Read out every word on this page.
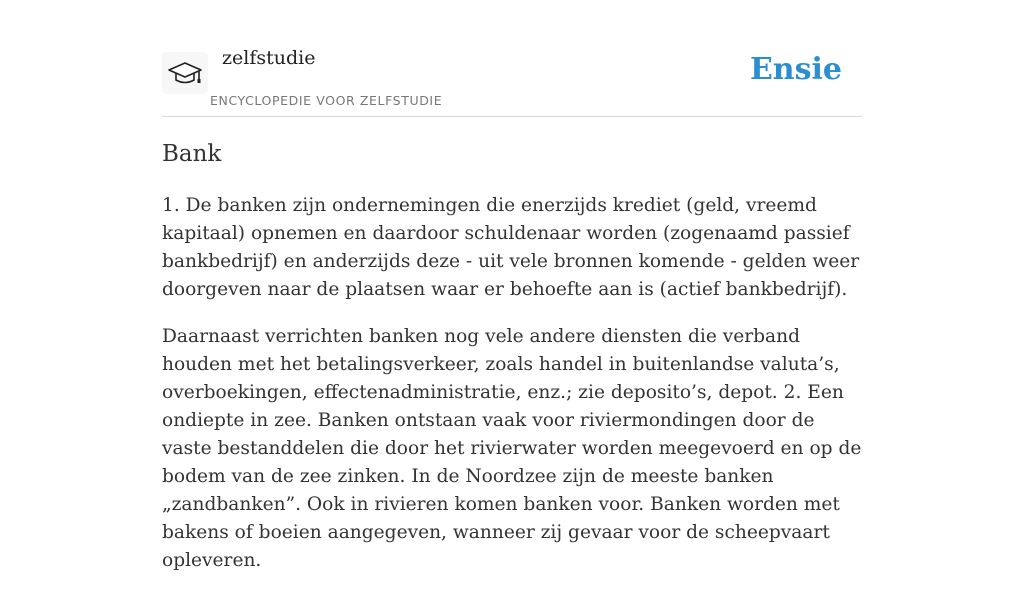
zelfstudie
ENCYCLOPEDIE VOOR ZELFSTUDIE
Ensie
Bank

1. De banken zijn ondernemingen die enerzijds krediet (geld, vreemd kapitaal) opnemen en daardoor schuldenaar worden (zogenaamd passief bankbedrijf) en anderzijds deze - uit vele bronnen komende - gelden weer doorgeven naar de plaatsen waar er behoefte aan is (actief bankbedrijf).

Daarnaast verrichten banken nog vele andere diensten die verband houden met het betalingsverkeer, zoals handel in buitenlandse valuta’s, overboekingen, effectenadministratie, enz.; zie deposito’s, depot. 2. Een ondiepte in zee. Banken ontstaan vaak voor riviermondingen door de vaste bestanddelen die door het rivierwater worden meegevoerd en op de bodem van de zee zinken. In de Noordzee zijn de meeste banken „zandbanken”. Ook in rivieren komen banken voor. Banken worden met bakens of boeien aangegeven, wanneer zij gevaar voor de scheepvaart opleveren.
